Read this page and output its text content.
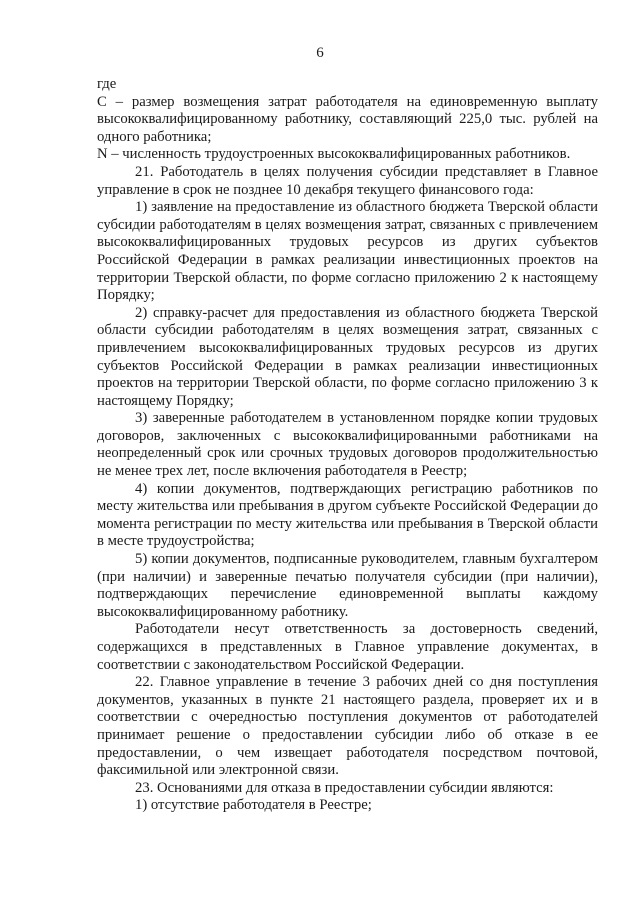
6

где

С – размер возмещения затрат работодателя на единовременную выплату высококвалифицированному работнику, составляющий 225,0 тыс. рублей на одного работника;

N – численность трудоустроенных высококвалифицированных работников.

21. Работодатель в целях получения субсидии представляет в Главное управление в срок не позднее 10 декабря текущего финансового года:

1) заявление на предоставление из областного бюджета Тверской области субсидии работодателям в целях возмещения затрат, связанных с привлечением высококвалифицированных трудовых ресурсов из других субъектов Российской Федерации в рамках реализации инвестиционных проектов на территории Тверской области, по форме согласно приложению 2 к настоящему Порядку;

2) справку-расчет для предоставления из областного бюджета Тверской области субсидии работодателям в целях возмещения затрат, связанных с привлечением высококвалифицированных трудовых ресурсов из других субъектов Российской Федерации в рамках реализации инвестиционных проектов на территории Тверской области, по форме согласно приложению 3 к настоящему Порядку;

3) заверенные работодателем в установленном порядке копии трудовых договоров, заключенных с высококвалифицированными работниками на неопределенный срок или срочных трудовых договоров продолжительностью не менее трех лет, после включения работодателя в Реестр;

4) копии документов, подтверждающих регистрацию работников по месту жительства или пребывания в другом субъекте Российской Федерации до момента регистрации по месту жительства или пребывания в Тверской области в месте трудоустройства;

5) копии документов, подписанные руководителем, главным бухгалтером (при наличии) и заверенные печатью получателя субсидии (при наличии), подтверждающих перечисление единовременной выплаты каждому высококвалифицированному работнику.

Работодатели несут ответственность за достоверность сведений, содержащихся в представленных в Главное управление документах, в соответствии с законодательством Российской Федерации.

22. Главное управление в течение 3 рабочих дней со дня поступления документов, указанных в пункте 21 настоящего раздела, проверяет их и в соответствии с очередностью поступления документов от работодателей принимает решение о предоставлении субсидии либо об отказе в ее предоставлении, о чем извещает работодателя посредством почтовой, факсимильной или электронной связи.

23. Основаниями для отказа в предоставлении субсидии являются:

1) отсутствие работодателя в Реестре;
